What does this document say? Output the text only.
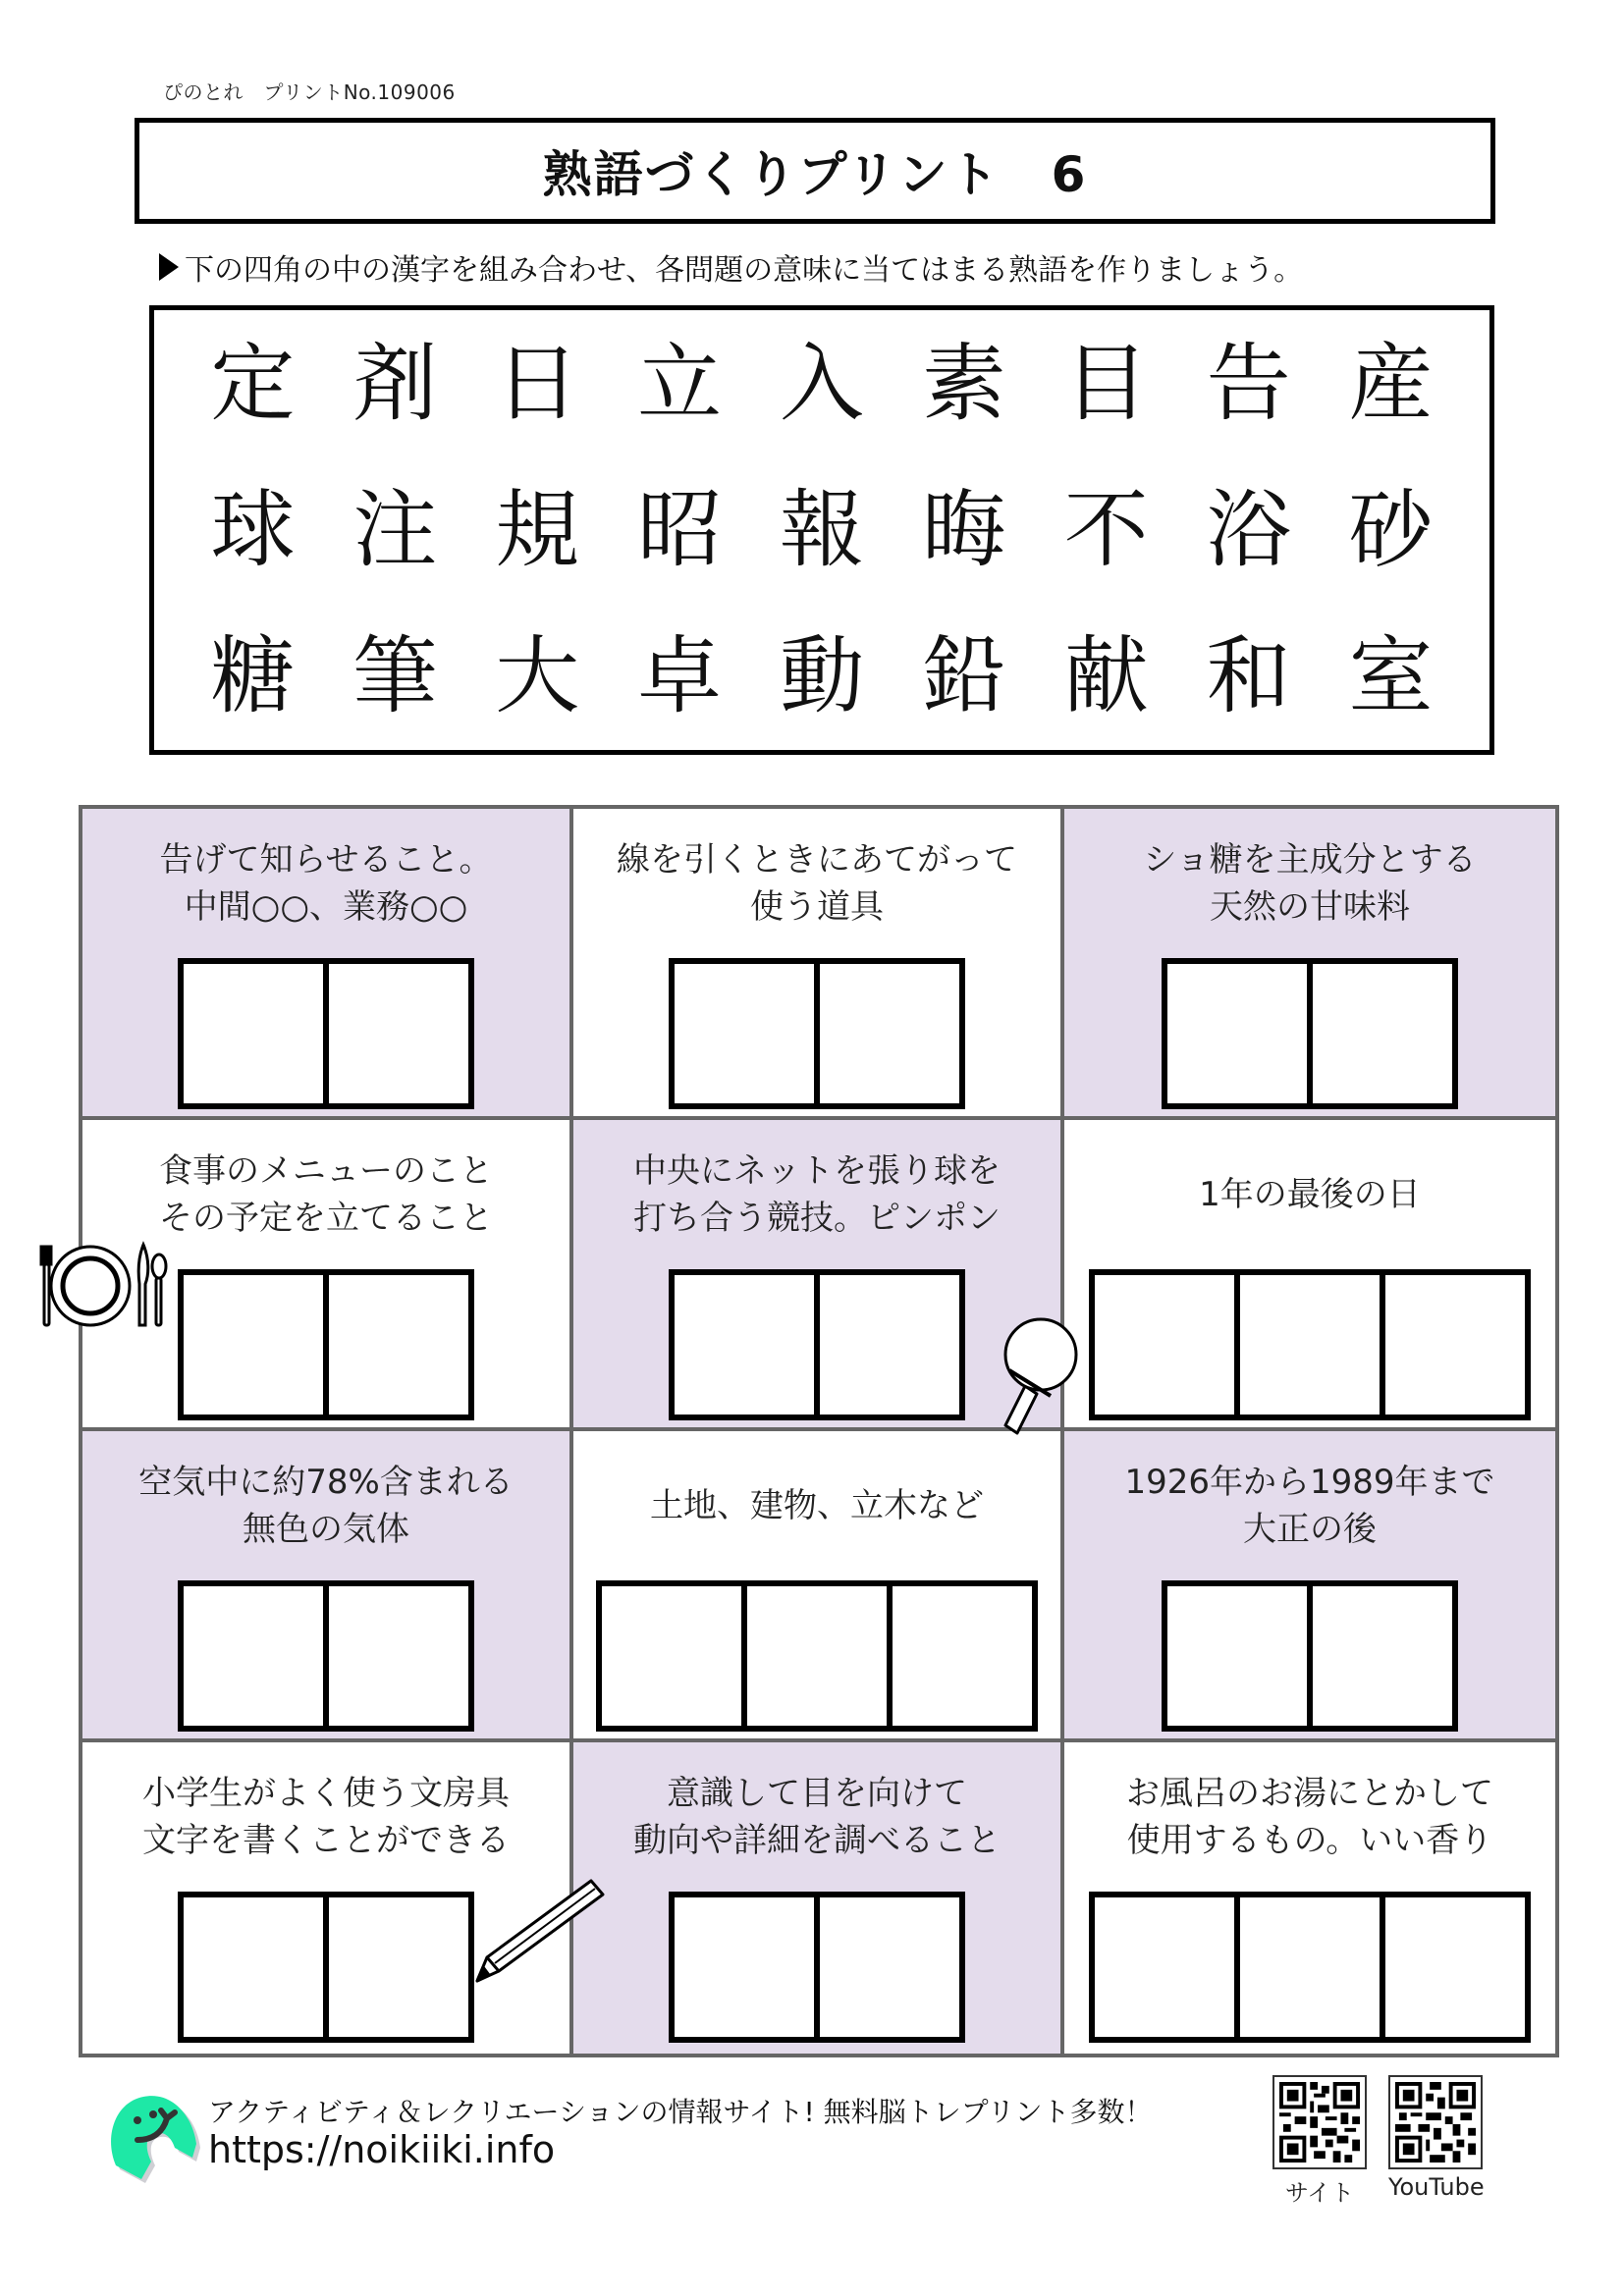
ぴのとれ　プリントNo.109006
熟語づくりプリント　6
下の四角の中の漢字を組み合わせ、各問題の意味に当てはまる熟語を作りましょう。
定 剤 日 立 入 素 目 告 産
球 注 規 昭 報 晦 不 浴 砂
糖 筆 大 卓 動 鉛 献 和 室
告げて知らせること。
中間○○、業務○○
線を引くときにあてがって
使う道具
ショ糖を主成分とする
天然の甘味料
食事のメニューのこと
その予定を立てること
中央にネットを張り球を
打ち合う競技。ピンポン
1年の最後の日
空気中に約78%含まれる
無色の気体
土地、建物、立木など
1926年から1989年まで
大正の後
小学生がよく使う文房具
文字を書くことができる
意識して目を向けて
動向や詳細を調べること
お風呂のお湯にとかして
使用するもの。いい香り
アクティビティ＆レクリエーションの情報サイト! 無料脳トレプリント多数！
https://noikiiki.info
サイト	YouTube
